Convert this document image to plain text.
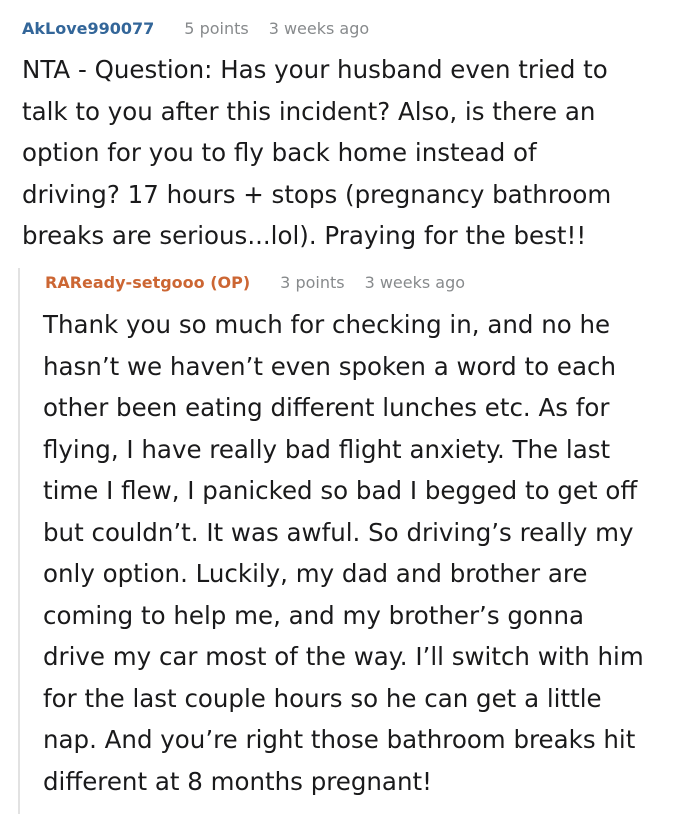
AkLove990077 5 points 3 weeks ago

NTA - Question: Has your husband even tried to
talk to you after this incident? Also, is there an
option for you to fly back home instead of
driving? 17 hours + stops (pregnancy bathroom
breaks are serious...lol). Praying for the best!!

RAReady-setgooo (OP) 3 points 3 weeks ago

Thank you so much for checking in, and no he
hasn’t we haven’t even spoken a word to each
other been eating different lunches etc. As for
flying, I have really bad flight anxiety. The last
time I flew, I panicked so bad I begged to get off
but couldn’t. It was awful. So driving’s really my
only option. Luckily, my dad and brother are
coming to help me, and my brother’s gonna
drive my car most of the way. I’ll switch with him
for the last couple hours so he can get a little
nap. And you’re right those bathroom breaks hit
different at 8 months pregnant!
